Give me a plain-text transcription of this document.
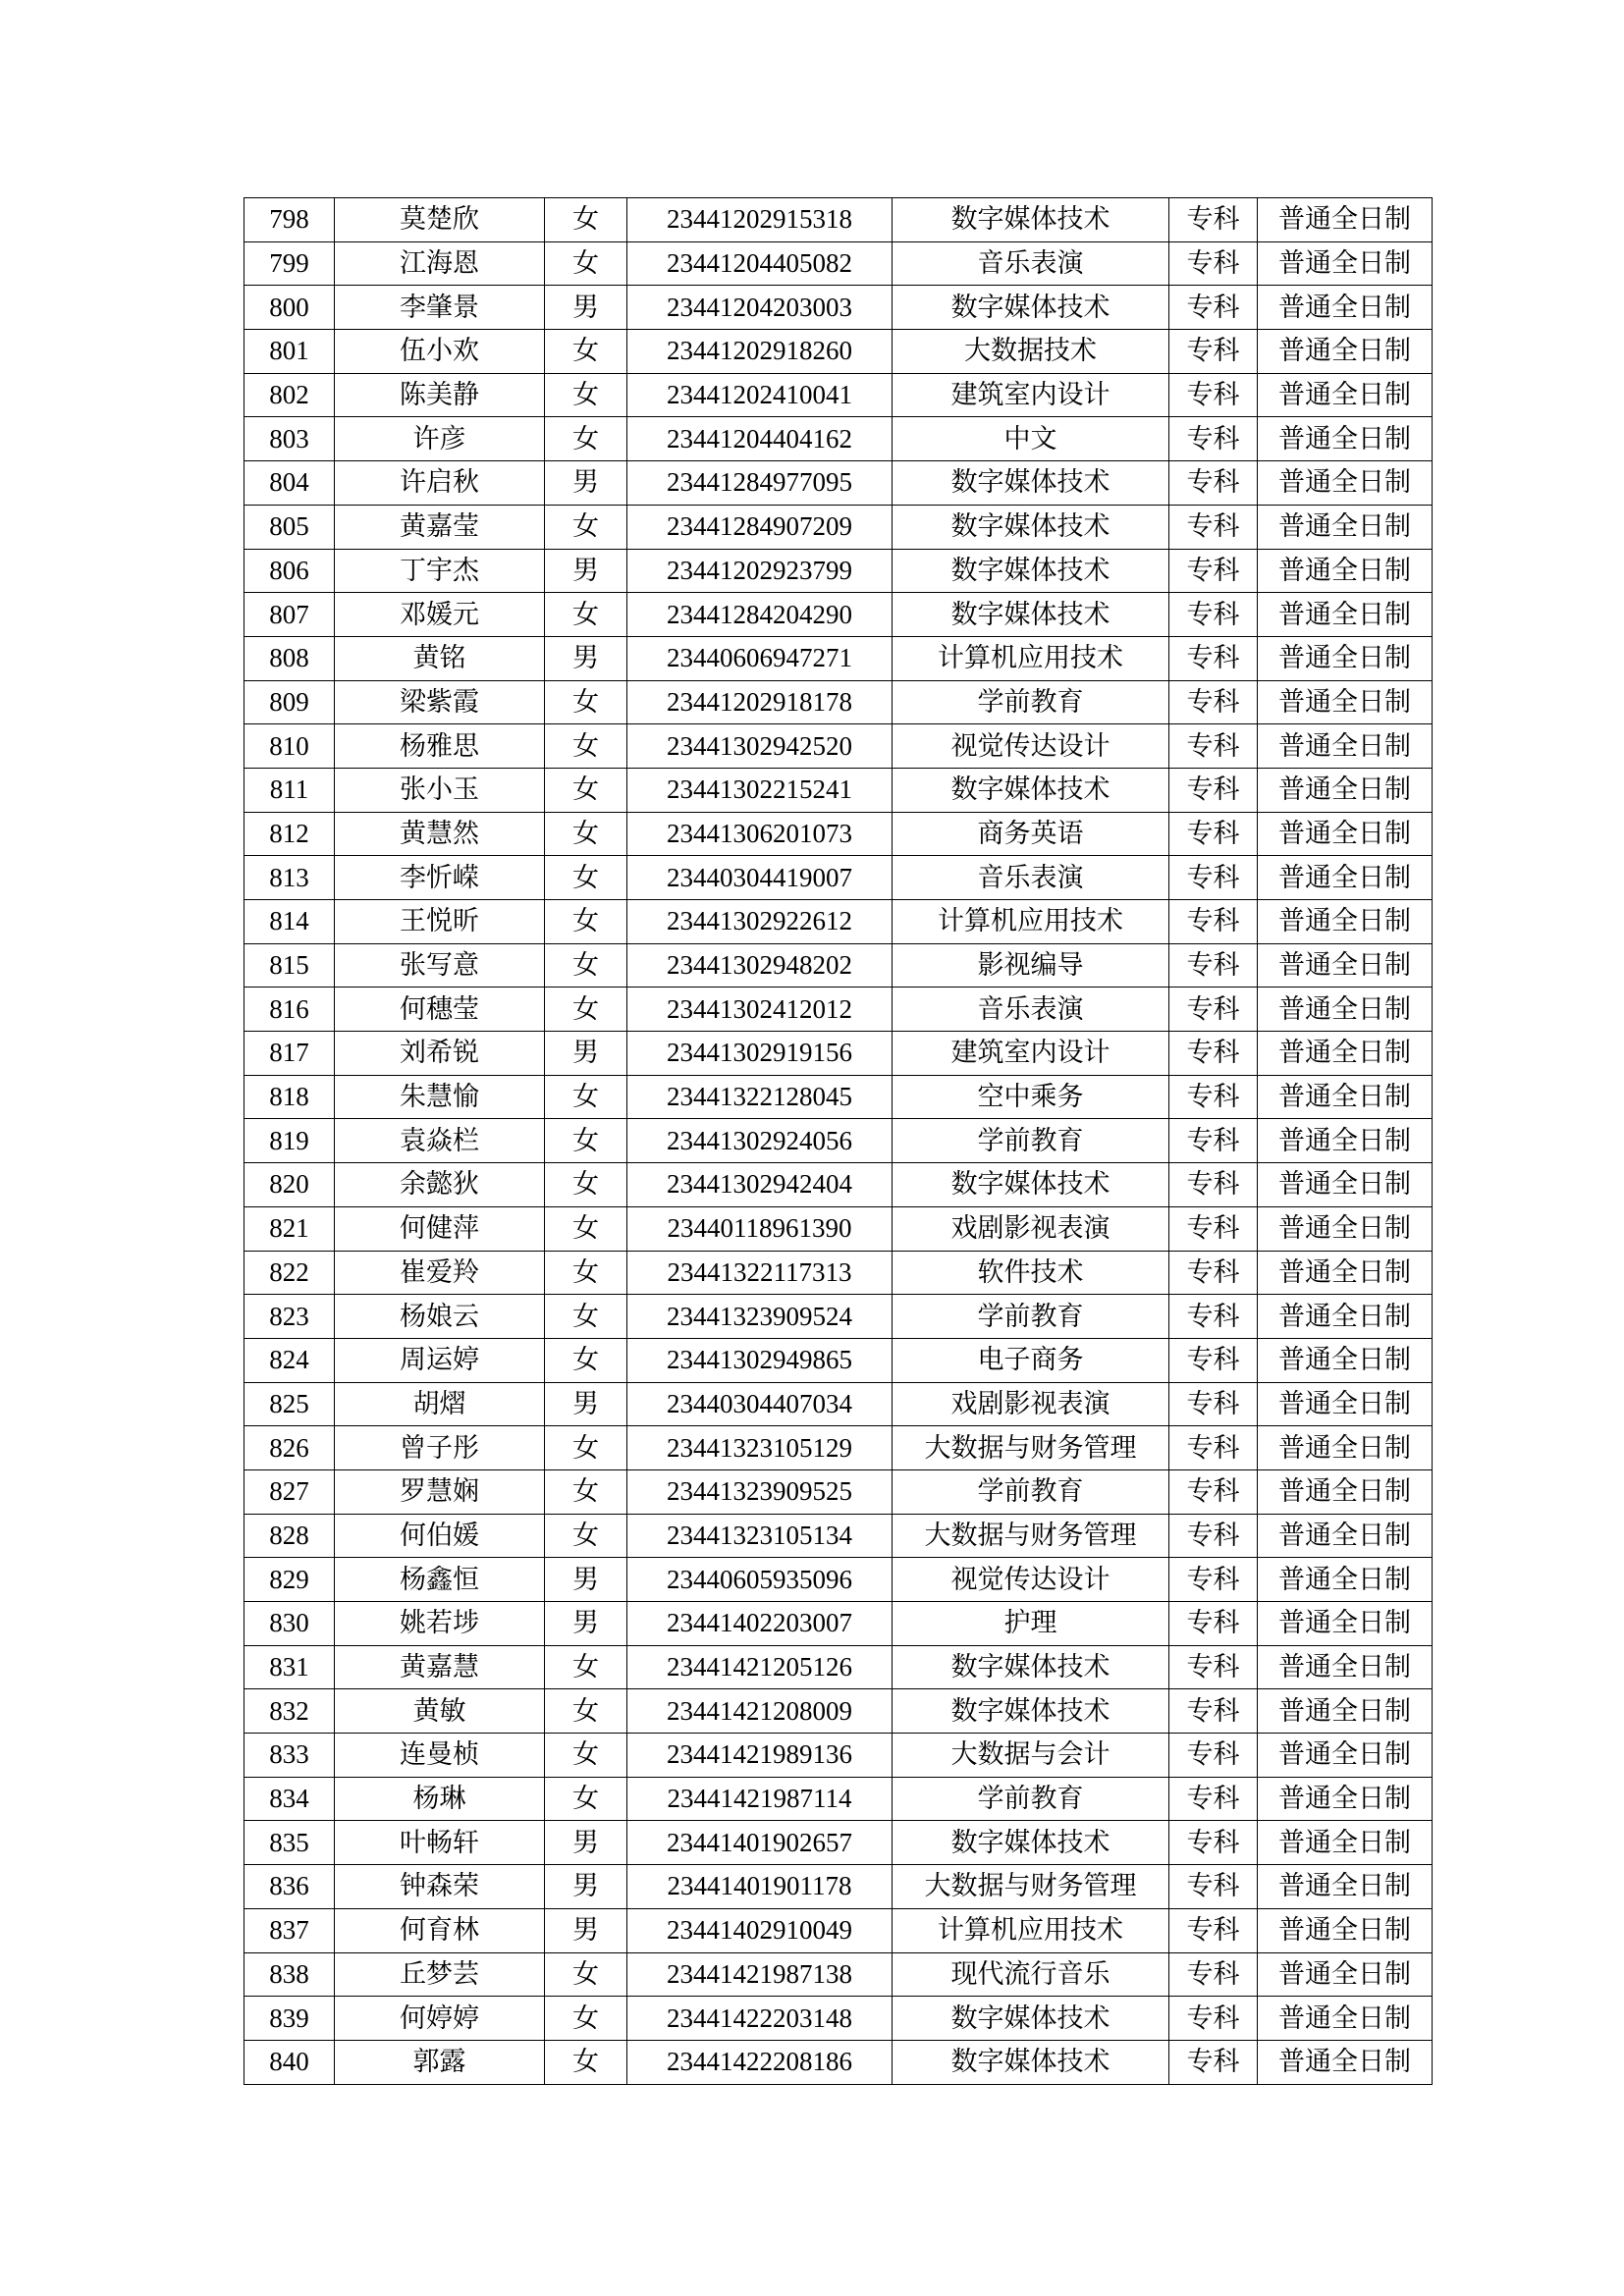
798	莫楚欣	女	23441202915318	数字媒体技术	专科	普通全日制
799	江海恩	女	23441204405082	音乐表演	专科	普通全日制
800	李肇景	男	23441204203003	数字媒体技术	专科	普通全日制
801	伍小欢	女	23441202918260	大数据技术	专科	普通全日制
802	陈美静	女	23441202410041	建筑室内设计	专科	普通全日制
803	许彦	女	23441204404162	中文	专科	普通全日制
804	许启秋	男	23441284977095	数字媒体技术	专科	普通全日制
805	黄嘉莹	女	23441284907209	数字媒体技术	专科	普通全日制
806	丁宇杰	男	23441202923799	数字媒体技术	专科	普通全日制
807	邓媛元	女	23441284204290	数字媒体技术	专科	普通全日制
808	黄铭	男	23440606947271	计算机应用技术	专科	普通全日制
809	梁紫霞	女	23441202918178	学前教育	专科	普通全日制
810	杨雅思	女	23441302942520	视觉传达设计	专科	普通全日制
811	张小玉	女	23441302215241	数字媒体技术	专科	普通全日制
812	黄慧然	女	23441306201073	商务英语	专科	普通全日制
813	李忻嵘	女	23440304419007	音乐表演	专科	普通全日制
814	王悦昕	女	23441302922612	计算机应用技术	专科	普通全日制
815	张写意	女	23441302948202	影视编导	专科	普通全日制
816	何穗莹	女	23441302412012	音乐表演	专科	普通全日制
817	刘希锐	男	23441302919156	建筑室内设计	专科	普通全日制
818	朱慧愉	女	23441322128045	空中乘务	专科	普通全日制
819	袁焱栏	女	23441302924056	学前教育	专科	普通全日制
820	余懿狄	女	23441302942404	数字媒体技术	专科	普通全日制
821	何健萍	女	23440118961390	戏剧影视表演	专科	普通全日制
822	崔爱羚	女	23441322117313	软件技术	专科	普通全日制
823	杨娘云	女	23441323909524	学前教育	专科	普通全日制
824	周运婷	女	23441302949865	电子商务	专科	普通全日制
825	胡熠	男	23440304407034	戏剧影视表演	专科	普通全日制
826	曾子彤	女	23441323105129	大数据与财务管理	专科	普通全日制
827	罗慧娴	女	23441323909525	学前教育	专科	普通全日制
828	何伯媛	女	23441323105134	大数据与财务管理	专科	普通全日制
829	杨鑫恒	男	23440605935096	视觉传达设计	专科	普通全日制
830	姚若埗	男	23441402203007	护理	专科	普通全日制
831	黄嘉慧	女	23441421205126	数字媒体技术	专科	普通全日制
832	黄敏	女	23441421208009	数字媒体技术	专科	普通全日制
833	连曼桢	女	23441421989136	大数据与会计	专科	普通全日制
834	杨琳	女	23441421987114	学前教育	专科	普通全日制
835	叶畅轩	男	23441401902657	数字媒体技术	专科	普通全日制
836	钟森荣	男	23441401901178	大数据与财务管理	专科	普通全日制
837	何育林	男	23441402910049	计算机应用技术	专科	普通全日制
838	丘梦芸	女	23441421987138	现代流行音乐	专科	普通全日制
839	何婷婷	女	23441422203148	数字媒体技术	专科	普通全日制
840	郭露	女	23441422208186	数字媒体技术	专科	普通全日制
